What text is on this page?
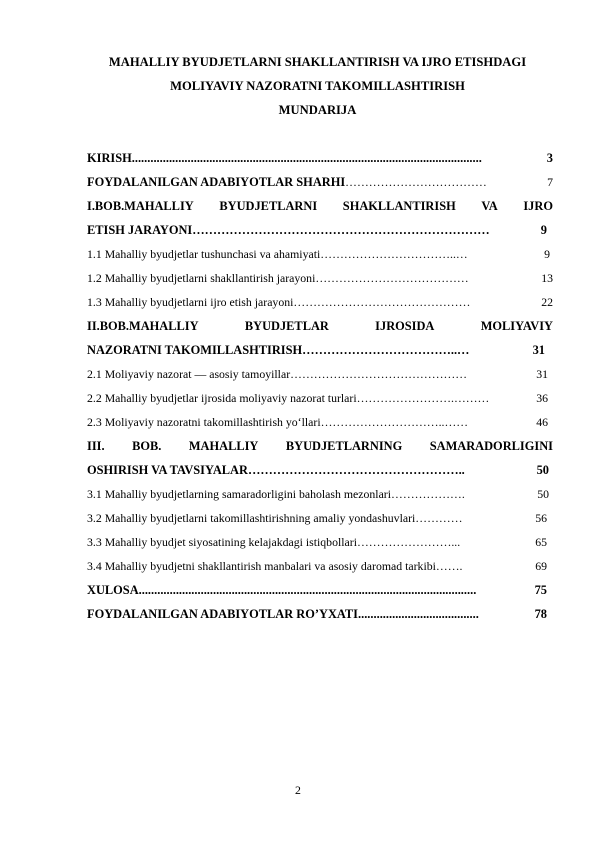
MAHALLIY BYUDJETLARNI SHAKLLANTIRISH VA IJRO ETISHDAGI
MOLIYAVIY NAZORATNI TAKOMILLASHTIRISH
MUNDARIJA
KIRISH .................................................................................................................	3
FOYDALANILGAN ADABIYOTLAR SHARHI ………………………………	7
I.BOB.MAHALLIY BYUDJETLARNI SHAKLLANTIRISH VA IJRO
ETISH JARAYONI ………………………………………………………………	9
1.1 Mahalliy byudjetlar tushunchasi va ahamiyati ……………………………..…	9
1.2 Mahalliy byudjetlarni shakllantirish jarayoni …………………………………	13
1.3 Mahalliy byudjetlarni ijro etish jarayoni ………………………………………	22
II.BOB.MAHALLIY	BYUDJETLAR	IJROSIDA	MOLIYAVIY
NAZORATNI TAKOMILLASHTIRISH ………………………………..…	31
2.1 Moliyaviy nazorat — asosiy tamoyillar ………………………………………	31
2.2 Mahalliy byudjetlar ijrosida moliyaviy nazorat turlari …………………….………	36
2.3 Moliyaviy nazoratni takomillashtirish yo‘llari …………………………..……	46
III. BOB. MAHALLIY BYUDJETLARNING SAMARADORLIGINI
OSHIRISH VA TAVSIYALAR ……………………………………………..	50
3.1 Mahalliy byudjetlarning samaradorligini baholash mezonlari ……………….	50
3.2 Mahalliy byudjetlarni takomillashtirishning amaliy yondashuvlari …………	56
3.3 Mahalliy byudjet siyosatining kelajakdagi istiqbollari ……………………...	65
3.4 Mahalliy byudjetni shakllantirish manbalari va asosiy daromad tarkibi …….	69
XULOSA .............................................................................................................	75
FOYDALANILGAN ADABIYOTLAR RO’YXATI .......................................	78
2
